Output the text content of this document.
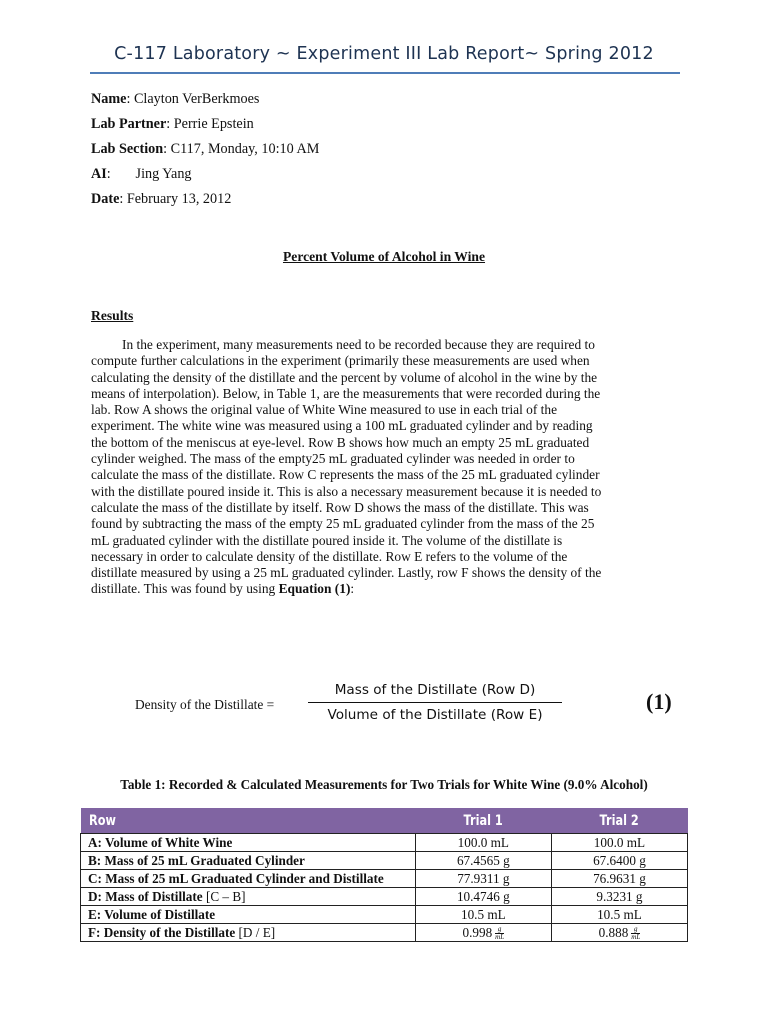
C-117 Laboratory ~ Experiment III Lab Report~ Spring 2012
Name: Clayton VerBerkmoes
Lab Partner: Perrie Epstein
Lab Section: C117, Monday, 10:10 AM
AI:       Jing Yang
Date: February 13, 2012
Percent Volume of Alcohol in Wine
Results
In the experiment, many measurements need to be recorded because they are required to
compute further calculations in the experiment (primarily these measurements are used when
calculating the density of the distillate and the percent by volume of alcohol in the wine by the
means of interpolation). Below, in Table 1, are the measurements that were recorded during the
lab. Row A shows the original value of White Wine measured to use in each trial of the
experiment. The white wine was measured using a 100 mL graduated cylinder and by reading
the bottom of the meniscus at eye-level. Row B shows how much an empty 25 mL graduated
cylinder weighed. The mass of the empty25 mL graduated cylinder was needed in order to
calculate the mass of the distillate. Row C represents the mass of the 25 mL graduated cylinder
with the distillate poured inside it. This is also a necessary measurement because it is needed to
calculate the mass of the distillate by itself. Row D shows the mass of the distillate. This was
found by subtracting the mass of the empty 25 mL graduated cylinder from the mass of the 25
mL graduated cylinder with the distillate poured inside it. The volume of the distillate is
necessary in order to calculate density of the distillate. Row E refers to the volume of the
distillate measured by using a 25 mL graduated cylinder. Lastly, row F shows the density of the
distillate. This was found by using Equation (1):
Density of the Distillate =
Mass of the Distillate (Row D)
Volume of the Distillate (Row E)
(1)
Table 1: Recorded & Calculated Measurements for Two Trials for White Wine (9.0% Alcohol)
Row	Trial 1	Trial 2
A: Volume of White Wine	100.0 mL	100.0 mL
B: Mass of 25 mL Graduated Cylinder	67.4565 g	67.6400 g
C: Mass of 25 mL Graduated Cylinder and Distillate	77.9311 g	76.9631 g
D: Mass of Distillate [C – B]	10.4746 g	9.3231 g
E: Volume of Distillate	10.5 mL	10.5 mL
F: Density of the Distillate [D / E]	$0.998 \frac{g}{mL}$	$0.888 \frac{g}{mL}$
